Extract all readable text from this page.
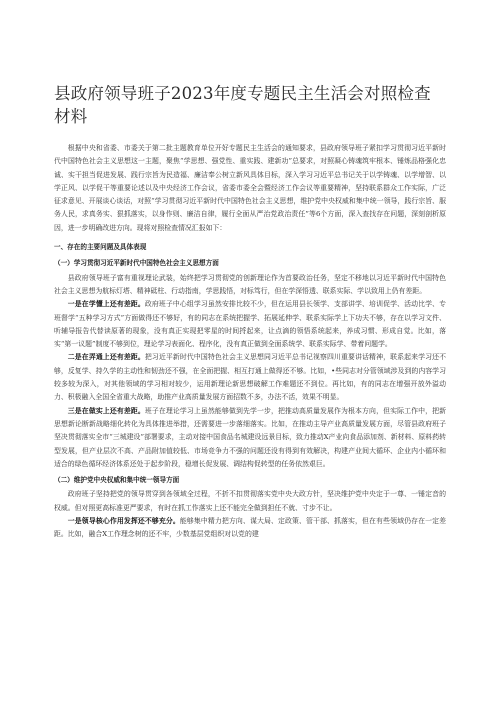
县政府领导班子2023年度专题民主生活会对照检查材料

根据中央和省委、市委关于第二批主题教育单位开好专题民主生活会的通知要求，县政府领导班子紧扣学习贯彻习近平新时代中国特色社会主义思想这一主题，聚焦“学思想、强党性、重实践、建新功”总要求，对照凝心铸魂筑牢根本、锤炼品格强化忠诚、实干担当促进发展、践行宗旨为民造福、廉洁奉公树立新风具体目标，深入学习习近平总书记关于以学铸魂、以学增智、以学正风、以学促干等重要论述以及中央经济工作会议，省委市委全会暨经济工作会议等重要精神，坚持联系群众工作实际，广泛征求意见、开展谈心谈话，对照“学习贯彻习近平新时代中国特色社会主义思想，维护党中央权威和集中统一领导，践行宗旨、服务人民，求真务实、狠抓落实，以身作则、廉洁自律，履行全面从严治党政治责任”等6个方面，深入查找存在问题，深刻剖析原因，进一步明确改进方向。现将对照检查情况汇报如下：

一、存在的主要问题及具体表现

（一）学习贯彻习近平新时代中国特色社会主义思想方面

县政府领导班子富有重视理论武装，始终把学习贯彻党的创新理论作为首要政治任务，坚定不移地以习近平新时代中国特色社会主义思想为航标灯塔、精神砥柱、行动指南，学思践悟，对标笃行，但在学深悟透、联系实际、学以致用上仍有差距。

一是在学懂上还有差距。政府班子中心组学习虽然安排比较不少，但在运用县长领学、支部讲学、培训促学、活动比学、专班督学“五种学习方式”方面做得还不够好，有的同志在系统把握学、拓展延伸学、联系实际学上下功夫不够，存在以学习文件、听辅导报告代替读原著的现象，没有真正实现把零星的时间捋起来，让点滴的领悟系统起来，养成习惯、形成自觉。比如，落实“第一议题”制度不够到位，理论学习表面化、程序化，没有真正做到全面系统学、联系实际学、带着问题学。

二是在弄通上还有差距。把习近平新时代中国特色社会主义思想同习近平总书记视察四川重要讲话精神，联系起来学习还不够，反复学、持久学的主动性和韧劲还不强，在全面把握、相互打通上做得还不够。比如，•些同志对分管领域涉及到的内容学习较多较为深入，对其他领域的学习相对较少，运用新理论新思想破解工作难题还不到位。再比如，有的同志在增强开放外溢动力、积极融入全国全省重大战略，助推产业高质量发展方面招数不多，办法不活，效果不明显。

三是在做实上还有差距。班子在理论学习上虽然能够做到先学一步，把推动高质量发展作为根本方向，但实际工作中，把新思想新论断新战略细化转化为具体推进举措，还需要进一步落细落实。比如，在推动主导产业高质量发展方面，尽管县政府班子坚决贯彻落实全市“三城建设”部署要求，主动对接中国食品名城建设远景目标，致力推动X产业向食品添加剂、新材料、原料药转型发展，但产业层次不高、产品附加值较低、市场竞争力不强的问题还没有得到有效解决，构建产业间大循环、企业内小循环和适合的绿色循环经济体系还处于起步阶段，稳增长促发展、调结构促转型的任务依然艰巨。

（二）维护党中央权威和集中统一领导方面

政府班子坚持把党的领导贯穿到各领域全过程，不折不扣贯彻落实党中央大政方针，坚决维护党中央定于一尊、一锤定音的权威。但对照更高标准更严要求，有时在抓工作落实上还不能完全做到担任不就、寸步不让。

一是领导核心作用发挥还不够充分。能够集中精力把方向、谋大局、定政策、管干部、抓落实，但在有些领域仍存在一定差距。比如，融合X工作理念树的还不牢，少数基层党组织对以党的建
